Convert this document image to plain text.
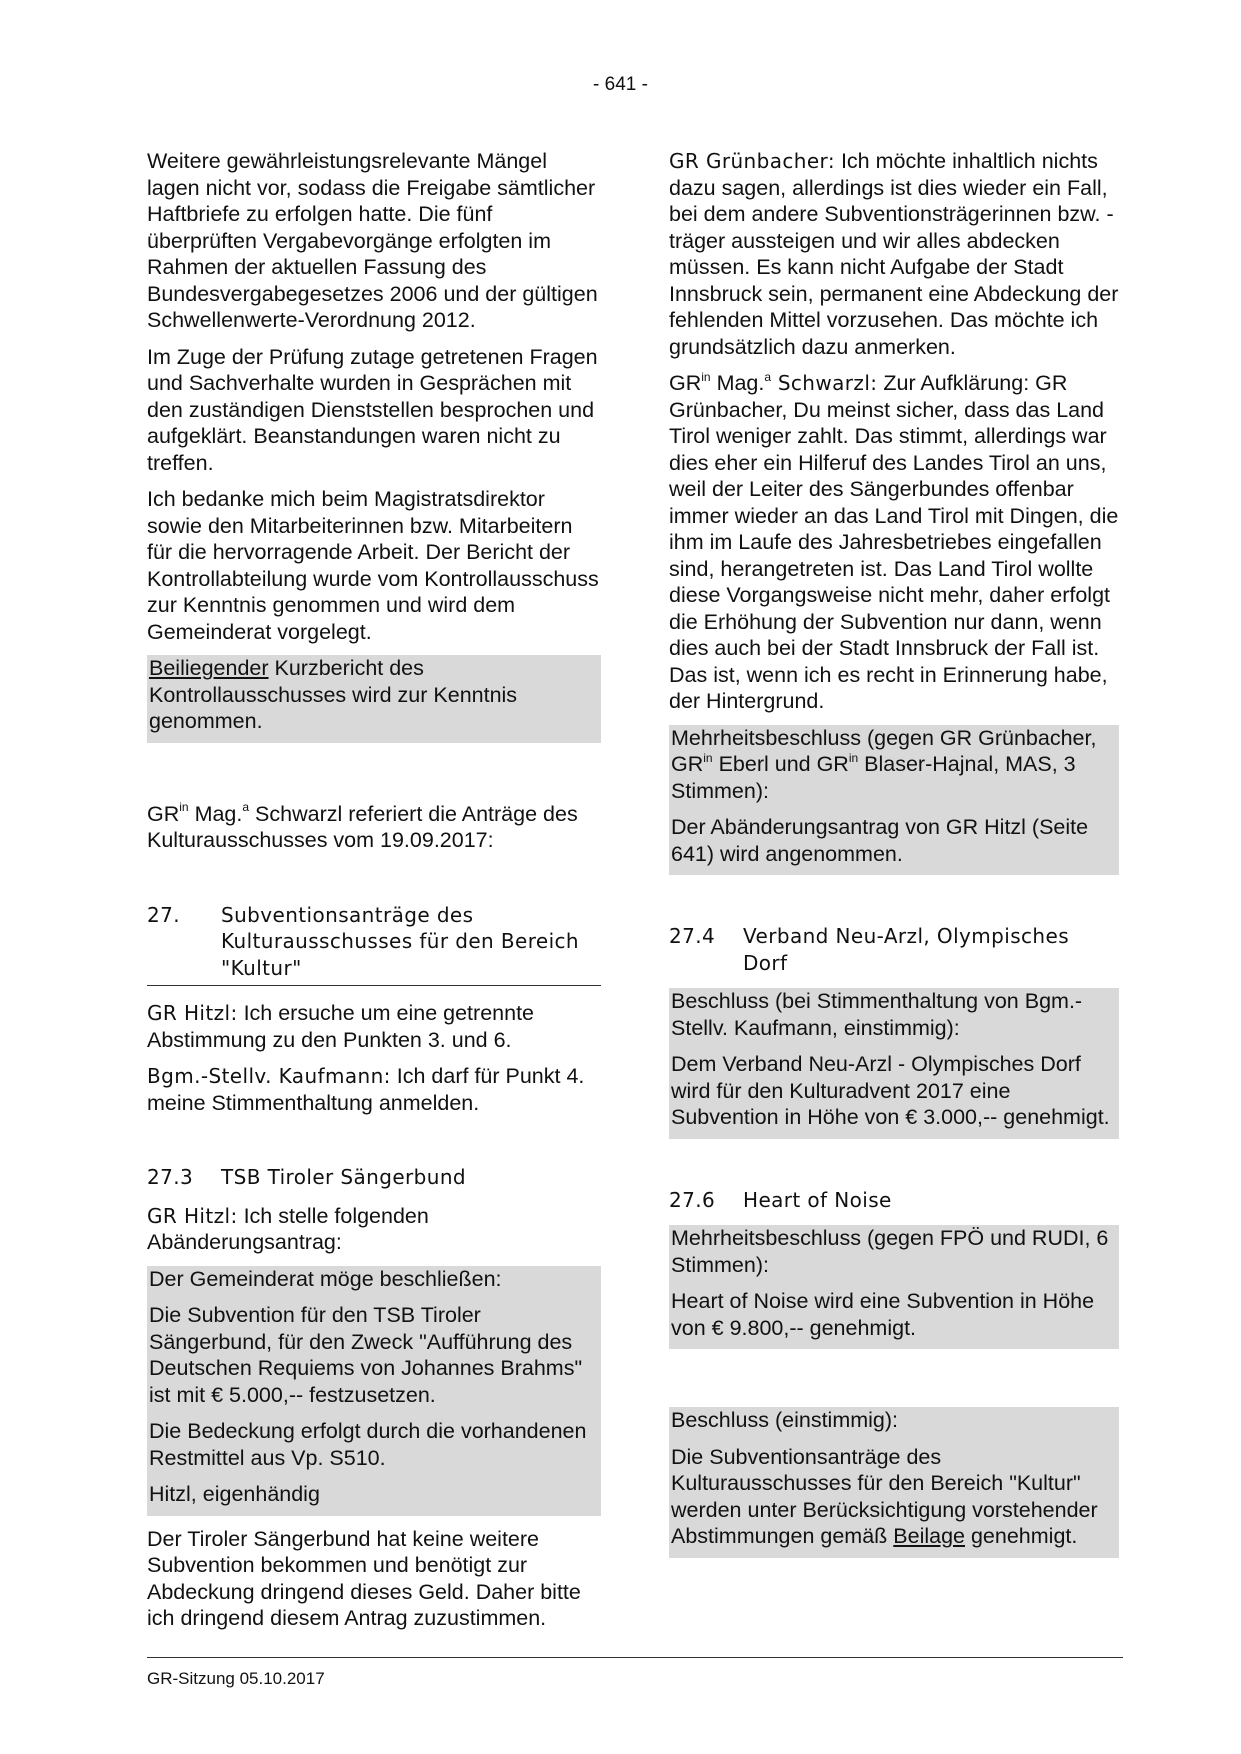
- 641 -

Weitere gewährleistungsrelevante Mängel lagen nicht vor, sodass die Freigabe sämtlicher Haftbriefe zu erfolgen hatte. Die fünf überprüften Vergabevorgänge erfolgten im Rahmen der aktuellen Fassung des Bundesvergabegesetzes 2006 und der gültigen Schwellenwerte-Verordnung 2012.

Im Zuge der Prüfung zutage getretenen Fragen und Sachverhalte wurden in Gesprächen mit den zuständigen Dienststellen besprochen und aufgeklärt. Beanstandungen waren nicht zu treffen.

Ich bedanke mich beim Magistratsdirektor sowie den Mitarbeiterinnen bzw. Mitarbeitern für die hervorragende Arbeit. Der Bericht der Kontrollabteilung wurde vom Kontrollausschuss zur Kenntnis genommen und wird dem Gemeinderat vorgelegt.

Beiliegender Kurzbericht des Kontrollausschusses wird zur Kenntnis genommen.

$GR^{in}$ Mag.$^a$ Schwarzl referiert die Anträge des Kulturausschusses vom 19.09.2017:

27.	Subventionsanträge des Kulturausschusses für den Bereich "Kultur"

GR Hitzl: Ich ersuche um eine getrennte Abstimmung zu den Punkten 3. und 6.

Bgm.-Stellv. Kaufmann: Ich darf für Punkt 4. meine Stimmenthaltung anmelden.

27.3	TSB Tiroler Sängerbund

GR Hitzl: Ich stelle folgenden Abänderungsantrag:

Der Gemeinderat möge beschließen:

Die Subvention für den TSB Tiroler Sängerbund, für den Zweck "Aufführung des Deutschen Requiems von Johannes Brahms" ist mit € 5.000,-- festzusetzen.

Die Bedeckung erfolgt durch die vorhandenen Restmittel aus Vp. S510.

Hitzl, eigenhändig

Der Tiroler Sängerbund hat keine weitere Subvention bekommen und benötigt zur Abdeckung dringend dieses Geld. Daher bitte ich dringend diesem Antrag zuzustimmen.

GR Grünbacher: Ich möchte inhaltlich nichts dazu sagen, allerdings ist dies wieder ein Fall, bei dem andere Subventionsträgerinnen bzw. -träger aussteigen und wir alles abdecken müssen. Es kann nicht Aufgabe der Stadt Innsbruck sein, permanent eine Abdeckung der fehlenden Mittel vorzusehen. Das möchte ich grundsätzlich dazu anmerken.

$GR^{in}$ Mag.$^a$ Schwarzl: Zur Aufklärung: GR Grünbacher, Du meinst sicher, dass das Land Tirol weniger zahlt. Das stimmt, allerdings war dies eher ein Hilferuf des Landes Tirol an uns, weil der Leiter des Sängerbundes offenbar immer wieder an das Land Tirol mit Dingen, die ihm im Laufe des Jahresbetriebes eingefallen sind, herangetreten ist. Das Land Tirol wollte diese Vorgangsweise nicht mehr, daher erfolgt die Erhöhung der Subvention nur dann, wenn dies auch bei der Stadt Innsbruck der Fall ist. Das ist, wenn ich es recht in Erinnerung habe, der Hintergrund.

Mehrheitsbeschluss (gegen GR Grünbacher, $GR^{in}$ Eberl und $GR^{in}$ Blaser-Hajnal, MAS, 3 Stimmen):

Der Abänderungsantrag von GR Hitzl (Seite 641) wird angenommen.

27.4	Verband Neu-Arzl, Olympisches Dorf

Beschluss (bei Stimmenthaltung von Bgm.-Stellv. Kaufmann, einstimmig):

Dem Verband Neu-Arzl - Olympisches Dorf wird für den Kulturadvent 2017 eine Subvention in Höhe von € 3.000,-- genehmigt.

27.6	Heart of Noise

Mehrheitsbeschluss (gegen FPÖ und RUDI, 6 Stimmen):

Heart of Noise wird eine Subvention in Höhe von € 9.800,-- genehmigt.

Beschluss (einstimmig):

Die Subventionsanträge des Kulturausschusses für den Bereich "Kultur" werden unter Berücksichtigung vorstehender Abstimmungen gemäß Beilage genehmigt.

GR-Sitzung 05.10.2017
